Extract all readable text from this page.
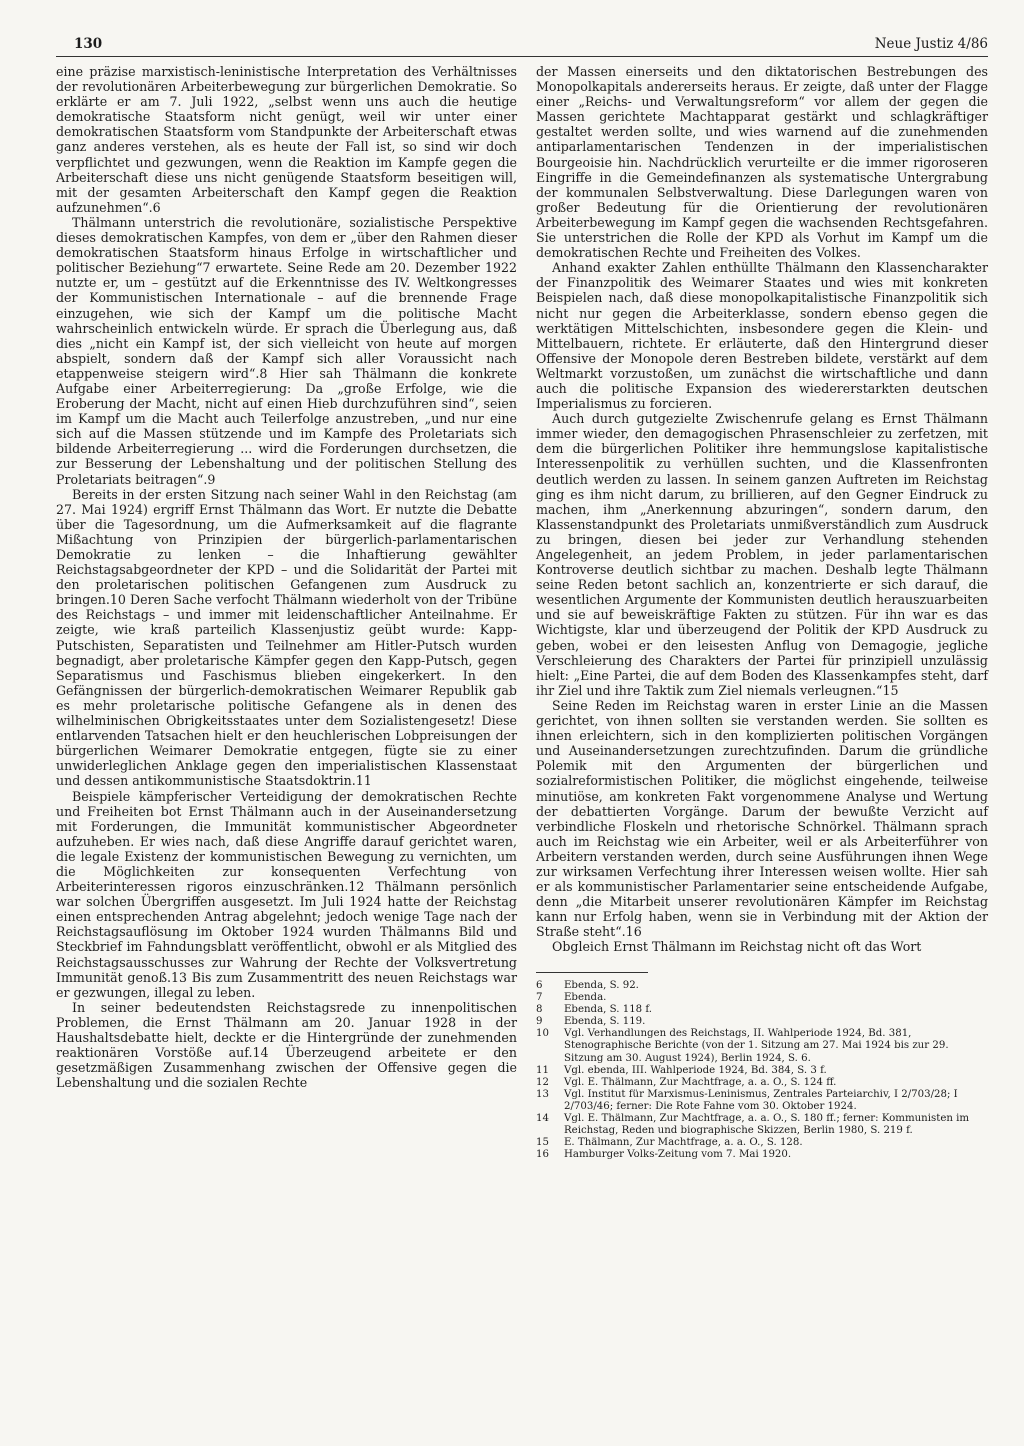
130	Neue Justiz 4/86

eine präzise marxistisch-leninistische Interpretation des Verhältnisses der revolutionären Arbeiterbewegung zur bürgerlichen Demokratie. So erklärte er am 7. Juli 1922, „selbst wenn uns auch die heutige demokratische Staatsform nicht genügt, weil wir unter einer demokratischen Staatsform vom Standpunkte der Arbeiterschaft etwas ganz anderes verstehen, als es heute der Fall ist, so sind wir doch verpflichtet und gezwungen, wenn die Reaktion im Kampfe gegen die Arbeiterschaft diese uns nicht genügende Staatsform beseitigen will, mit der gesamten Arbeiterschaft den Kampf gegen die Reaktion aufzunehmen“.6

Thälmann unterstrich die revolutionäre, sozialistische Perspektive dieses demokratischen Kampfes, von dem er „über den Rahmen dieser demokratischen Staatsform hinaus Erfolge in wirtschaftlicher und politischer Beziehung“7 erwartete. Seine Rede am 20. Dezember 1922 nutzte er, um – gestützt auf die Erkenntnisse des IV. Weltkongresses der Kommunistischen Internationale – auf die brennende Frage einzugehen, wie sich der Kampf um die politische Macht wahrscheinlich entwickeln würde. Er sprach die Überlegung aus, daß dies „nicht ein Kampf ist, der sich vielleicht von heute auf morgen abspielt, sondern daß der Kampf sich aller Voraussicht nach etappenweise steigern wird“.8 Hier sah Thälmann die konkrete Aufgabe einer Arbeiterregierung: Da „große Erfolge, wie die Eroberung der Macht, nicht auf einen Hieb durchzuführen sind“, seien im Kampf um die Macht auch Teilerfolge anzustreben, „und nur eine sich auf die Massen stützende und im Kampfe des Proletariats sich bildende Arbeiterregierung ... wird die Forderungen durchsetzen, die zur Besserung der Lebenshaltung und der politischen Stellung des Proletariats beitragen“.9

Bereits in der ersten Sitzung nach seiner Wahl in den Reichstag (am 27. Mai 1924) ergriff Ernst Thälmann das Wort. Er nutzte die Debatte über die Tagesordnung, um die Aufmerksamkeit auf die flagrante Mißachtung von Prinzipien der bürgerlich-parlamentarischen Demokratie zu lenken – die Inhaftierung gewählter Reichstagsabgeordneter der KPD – und die Solidarität der Partei mit den proletarischen politischen Gefangenen zum Ausdruck zu bringen.10 Deren Sache verfocht Thälmann wiederholt von der Tribüne des Reichstags – und immer mit leidenschaftlicher Anteilnahme. Er zeigte, wie kraß parteilich Klassenjustiz geübt wurde: Kapp-Putschisten, Separatisten und Teilnehmer am Hitler-Putsch wurden begnadigt, aber proletarische Kämpfer gegen den Kapp-Putsch, gegen Separatismus und Faschismus blieben eingekerkert. In den Gefängnissen der bürgerlich-demokratischen Weimarer Republik gab es mehr proletarische politische Gefangene als in denen des wilhelminischen Obrigkeitsstaates unter dem Sozialistengesetz! Diese entlarvenden Tatsachen hielt er den heuchlerischen Lobpreisungen der bürgerlichen Weimarer Demokratie entgegen, fügte sie zu einer unwiderleglichen Anklage gegen den imperialistischen Klassenstaat und dessen antikommunistische Staatsdoktrin.11

Beispiele kämpferischer Verteidigung der demokratischen Rechte und Freiheiten bot Ernst Thälmann auch in der Auseinandersetzung mit Forderungen, die Immunität kommunistischer Abgeordneter aufzuheben. Er wies nach, daß diese Angriffe darauf gerichtet waren, die legale Existenz der kommunistischen Bewegung zu vernichten, um die Möglichkeiten zur konsequenten Verfechtung von Arbeiterinteressen rigoros einzuschränken.12 Thälmann persönlich war solchen Übergriffen ausgesetzt. Im Juli 1924 hatte der Reichstag einen entsprechenden Antrag abgelehnt; jedoch wenige Tage nach der Reichstagsauflösung im Oktober 1924 wurden Thälmanns Bild und Steckbrief im Fahndungsblatt veröffentlicht, obwohl er als Mitglied des Reichstagsausschusses zur Wahrung der Rechte der Volksvertretung Immunität genoß.13 Bis zum Zusammentritt des neuen Reichstags war er gezwungen, illegal zu leben.

In seiner bedeutendsten Reichstagsrede zu innenpolitischen Problemen, die Ernst Thälmann am 20. Januar 1928 in der Haushaltsdebatte hielt, deckte er die Hintergründe der zunehmenden reaktionären Vorstöße auf.14 Überzeugend arbeitete er den gesetzmäßigen Zusammenhang zwischen der Offensive gegen die Lebenshaltung und die sozialen Rechte

der Massen einerseits und den diktatorischen Bestrebungen des Monopolkapitals andererseits heraus. Er zeigte, daß unter der Flagge einer „Reichs- und Verwaltungsreform“ vor allem der gegen die Massen gerichtete Machtapparat gestärkt und schlagkräftiger gestaltet werden sollte, und wies warnend auf die zunehmenden antiparlamentarischen Tendenzen in der imperialistischen Bourgeoisie hin. Nachdrücklich verurteilte er die immer rigoroseren Eingriffe in die Gemeindefinanzen als systematische Untergrabung der kommunalen Selbstverwaltung. Diese Darlegungen waren von großer Bedeutung für die Orientierung der revolutionären Arbeiterbewegung im Kampf gegen die wachsenden Rechtsgefahren. Sie unterstrichen die Rolle der KPD als Vorhut im Kampf um die demokratischen Rechte und Freiheiten des Volkes.

Anhand exakter Zahlen enthüllte Thälmann den Klassencharakter der Finanzpolitik des Weimarer Staates und wies mit konkreten Beispielen nach, daß diese monopolkapitalistische Finanzpolitik sich nicht nur gegen die Arbeiterklasse, sondern ebenso gegen die werktätigen Mittelschichten, insbesondere gegen die Klein- und Mittelbauern, richtete. Er erläuterte, daß den Hintergrund dieser Offensive der Monopole deren Bestreben bildete, verstärkt auf dem Weltmarkt vorzustoßen, um zunächst die wirtschaftliche und dann auch die politische Expansion des wiedererstarkten deutschen Imperialismus zu forcieren.

Auch durch gutgezielte Zwischenrufe gelang es Ernst Thälmann immer wieder, den demagogischen Phrasenschleier zu zerfetzen, mit dem die bürgerlichen Politiker ihre hemmungslose kapitalistische Interessenpolitik zu verhüllen suchten, und die Klassenfronten deutlich werden zu lassen. In seinem ganzen Auftreten im Reichstag ging es ihm nicht darum, zu brillieren, auf den Gegner Eindruck zu machen, ihm „Anerkennung abzuringen“, sondern darum, den Klassenstandpunkt des Proletariats unmißverständlich zum Ausdruck zu bringen, diesen bei jeder zur Verhandlung stehenden Angelegenheit, an jedem Problem, in jeder parlamentarischen Kontroverse deutlich sichtbar zu machen. Deshalb legte Thälmann seine Reden betont sachlich an, konzentrierte er sich darauf, die wesentlichen Argumente der Kommunisten deutlich herauszuarbeiten und sie auf beweiskräftige Fakten zu stützen. Für ihn war es das Wichtigste, klar und überzeugend der Politik der KPD Ausdruck zu geben, wobei er den leisesten Anflug von Demagogie, jegliche Verschleierung des Charakters der Partei für prinzipiell unzulässig hielt: „Eine Partei, die auf dem Boden des Klassenkampfes steht, darf ihr Ziel und ihre Taktik zum Ziel niemals verleugnen.“15

Seine Reden im Reichstag waren in erster Linie an die Massen gerichtet, von ihnen sollten sie verstanden werden. Sie sollten es ihnen erleichtern, sich in den komplizierten politischen Vorgängen und Auseinandersetzungen zurechtzufinden. Darum die gründliche Polemik mit den Argumenten der bürgerlichen und sozialreformistischen Politiker, die möglichst eingehende, teilweise minutiöse, am konkreten Fakt vorgenommene Analyse und Wertung der debattierten Vorgänge. Darum der bewußte Verzicht auf verbindliche Floskeln und rhetorische Schnörkel. Thälmann sprach auch im Reichstag wie ein Arbeiter, weil er als Arbeiterführer von Arbeitern verstanden werden, durch seine Ausführungen ihnen Wege zur wirksamen Verfechtung ihrer Interessen weisen wollte. Hier sah er als kommunistischer Parlamentarier seine entscheidende Aufgabe, denn „die Mitarbeit unserer revolutionären Kämpfer im Reichstag kann nur Erfolg haben, wenn sie in Verbindung mit der Aktion der Straße steht“.16

Obgleich Ernst Thälmann im Reichstag nicht oft das Wort

6	Ebenda, S. 92.
7	Ebenda.
8	Ebenda, S. 118 f.
9	Ebenda, S. 119.
10	Vgl. Verhandlungen des Reichstags, II. Wahlperiode 1924, Bd. 381, Stenographische Berichte (von der 1. Sitzung am 27. Mai 1924 bis zur 29. Sitzung am 30. August 1924), Berlin 1924, S. 6.
11	Vgl. ebenda, III. Wahlperiode 1924, Bd. 384, S. 3 f.
12	Vgl. E. Thälmann, Zur Machtfrage, a. a. O., S. 124 ff.
13	Vgl. Institut für Marxismus-Leninismus, Zentrales Parteiarchiv, I 2/703/28; I 2/703/46; ferner: Die Rote Fahne vom 30. Oktober 1924.
14	Vgl. E. Thälmann, Zur Machtfrage, a. a. O., S. 180 ff.; ferner: Kommunisten im Reichstag, Reden und biographische Skizzen, Berlin 1980, S. 219 f.
15	E. Thälmann, Zur Machtfrage, a. a. O., S. 128.
16	Hamburger Volks-Zeitung vom 7. Mai 1920.
